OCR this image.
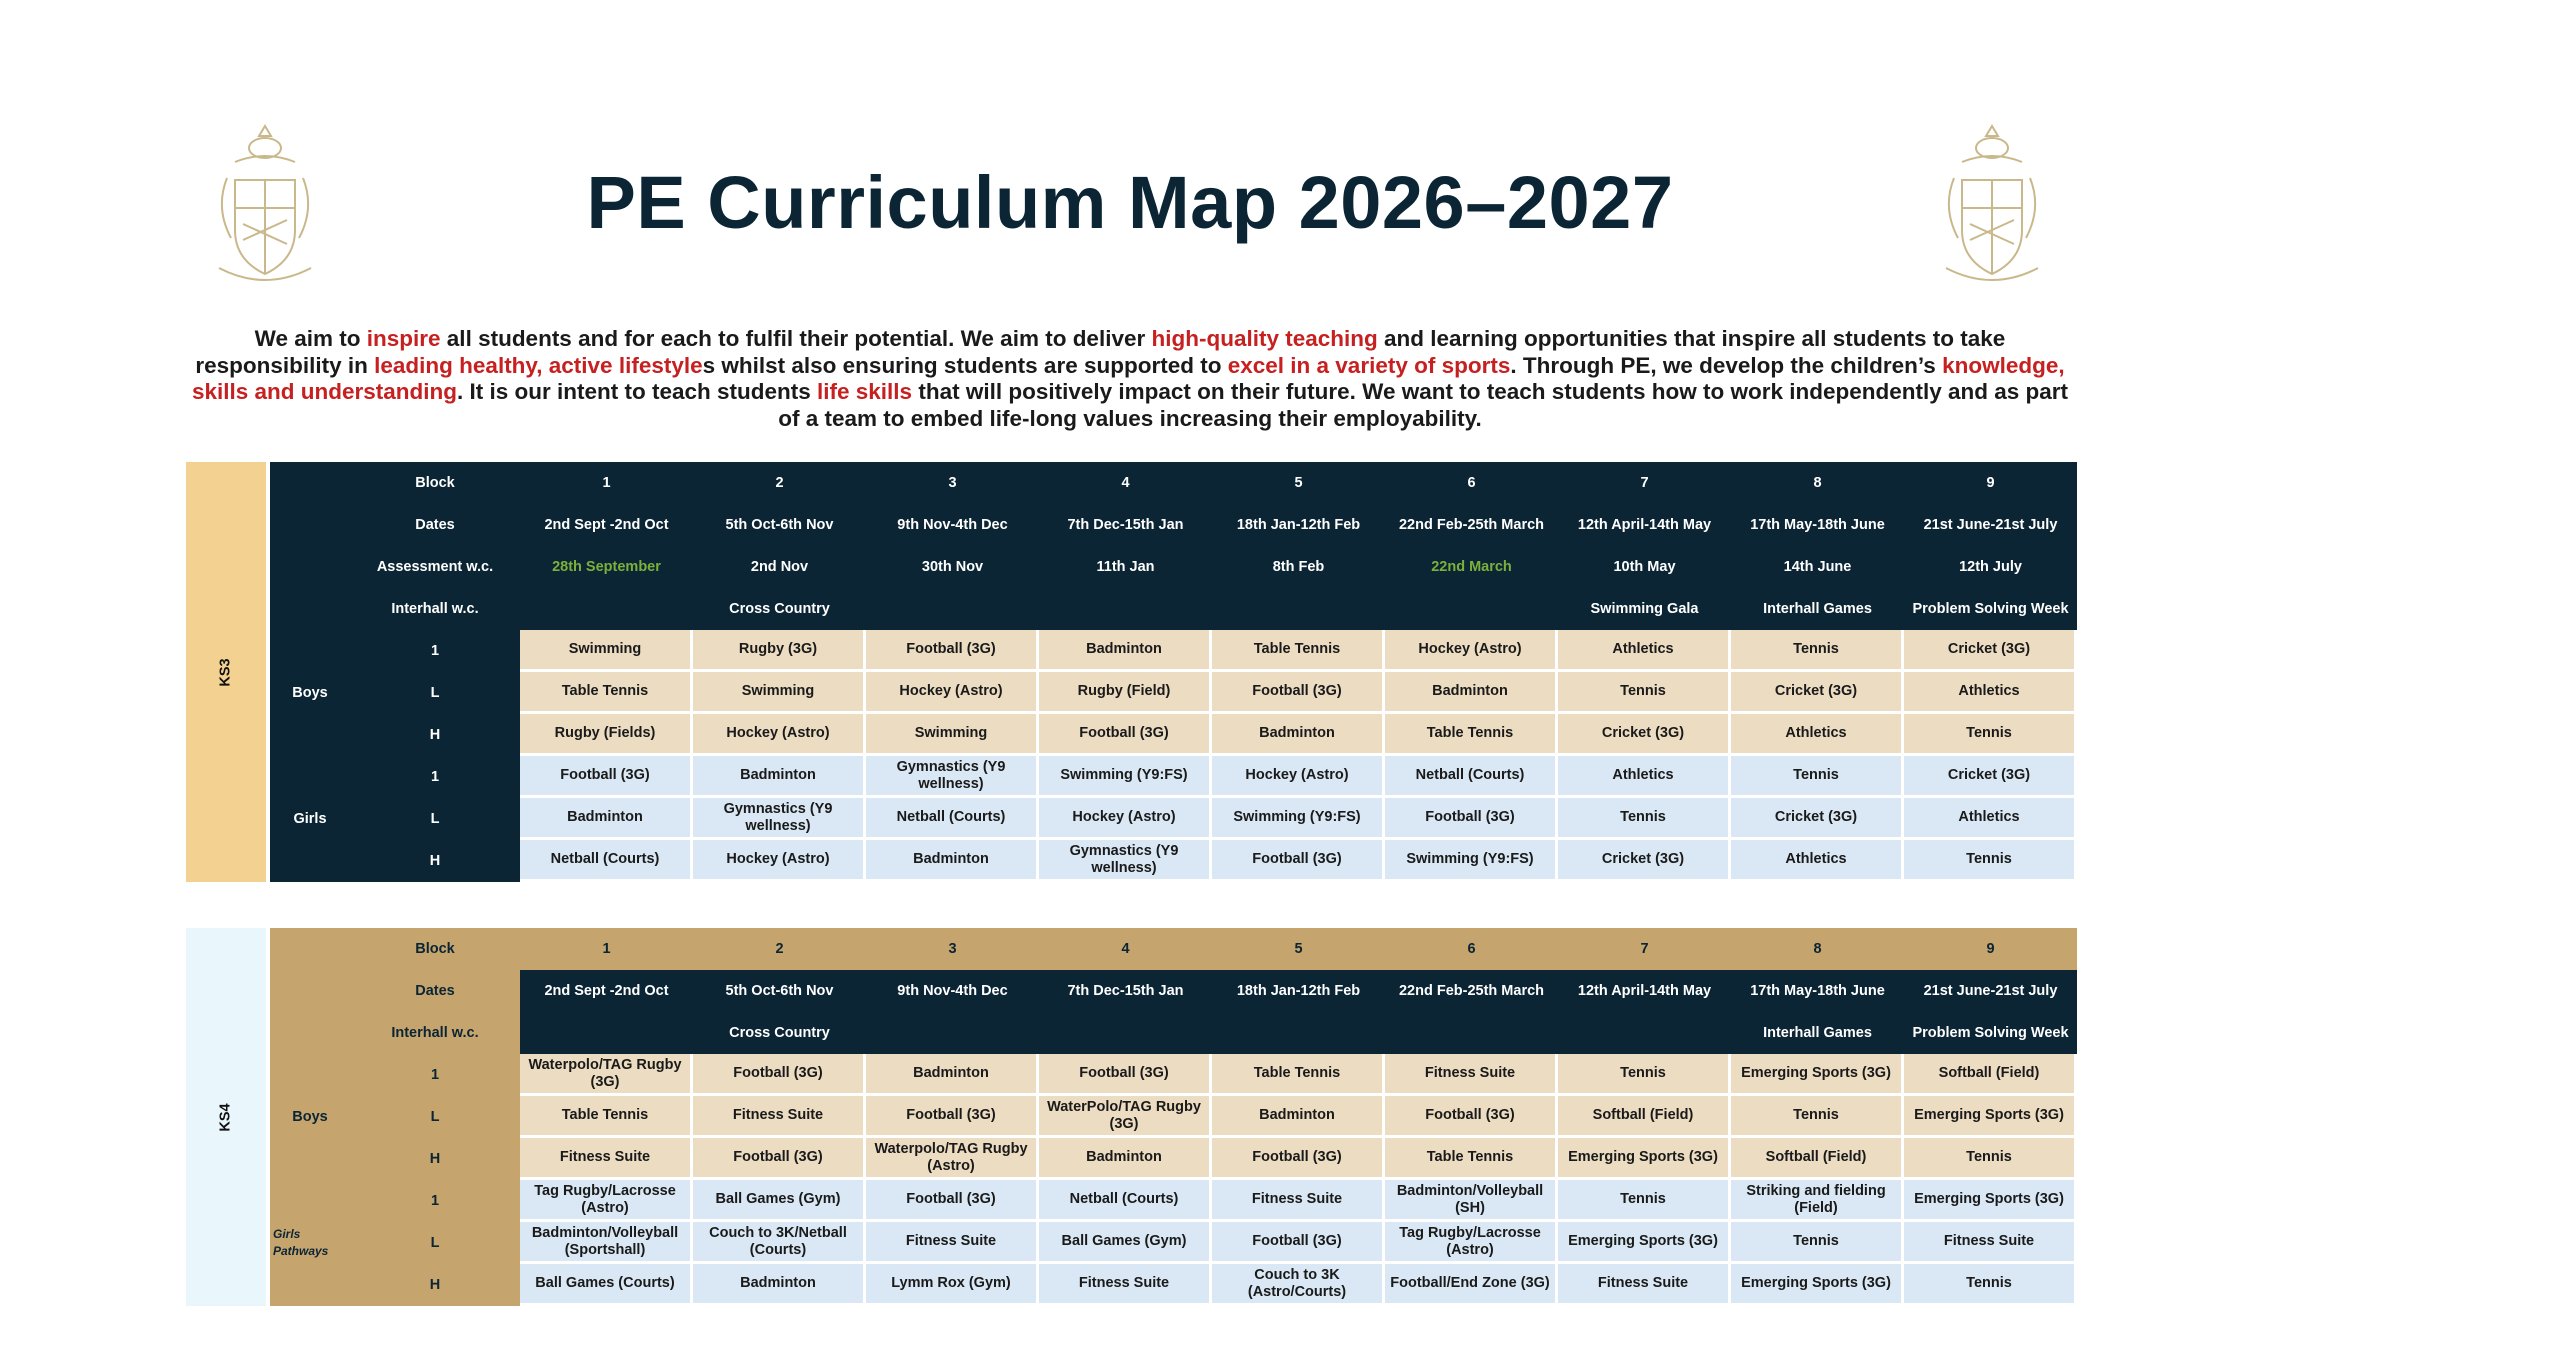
PE Curriculum Map 2026–2027
We aim to inspire all students and for each to fulfil their potential. We aim to deliver high-quality teaching and learning opportunities that inspire all students to take responsibility in leading healthy, active lifestyles whilst also ensuring students are supported to excel in a variety of sports. Through PE, we develop the children’s knowledge, skills and understanding. It is our intent to teach students life skills that will positively impact on their future. We want to teach students how to work independently and as part of a team to embed life-long values increasing their employability.
KS3			Block	1	2	3	4	5	6	7	8	9
			Dates	2nd Sept -2nd Oct	5th Oct-6th Nov	9th Nov-4th Dec	7th Dec-15th Jan	18th Jan-12th Feb	22nd Feb-25th March	12th April-14th May	17th May-18th June	21st June-21st July
			Assessment w.c.	28th September	2nd Nov	30th Nov	11th Jan	8th Feb	22nd March	10th May	14th June	12th July
			Interhall w.c.		Cross Country					Swimming Gala	Interhall Games	Problem Solving Week
		Boys	1	Swimming	Rugby (3G)	Football (3G)	Badminton	Table Tennis	Hockey (Astro)	Athletics	Tennis	Cricket (3G)
			L	Table Tennis	Swimming	Hockey (Astro)	Rugby (Field)	Football (3G)	Badminton	Tennis	Cricket (3G)	Athletics
			H	Rugby (Fields)	Hockey (Astro)	Swimming	Football (3G)	Badminton	Table Tennis	Cricket (3G)	Athletics	Tennis
		Girls	1	Football (3G)	Badminton	Gymnastics (Y9 wellness)	Swimming (Y9:FS)	Hockey (Astro)	Netball (Courts)	Athletics	Tennis	Cricket (3G)
			L	Badminton	Gymnastics (Y9 wellness)	Netball (Courts)	Hockey (Astro)	Swimming (Y9:FS)	Football (3G)	Tennis	Cricket (3G)	Athletics
			H	Netball (Courts)	Hockey (Astro)	Badminton	Gymnastics (Y9 wellness)	Football (3G)	Swimming (Y9:FS)	Cricket (3G)	Athletics	Tennis
KS4			Block	1	2	3	4	5	6	7	8	9
			Dates	2nd Sept -2nd Oct	5th Oct-6th Nov	9th Nov-4th Dec	7th Dec-15th Jan	18th Jan-12th Feb	22nd Feb-25th March	12th April-14th May	17th May-18th June	21st June-21st July
			Interhall w.c.		Cross Country						Interhall Games	Problem Solving Week
		Boys	1	Waterpolo/TAG Rugby (3G)	Football (3G)	Badminton	Football (3G)	Table Tennis	Fitness Suite	Tennis	Emerging Sports (3G)	Softball (Field)
			L	Table Tennis	Fitness Suite	Football (3G)	WaterPolo/TAG Rugby (3G)	Badminton	Football (3G)	Softball (Field)	Tennis	Emerging Sports (3G)
			H	Fitness Suite	Football (3G)	Waterpolo/TAG Rugby (Astro)	Badminton	Football (3G)	Table Tennis	Emerging Sports (3G)	Softball (Field)	Tennis
		Girls Pathways	1	Tag Rugby/Lacrosse (Astro)	Ball Games (Gym)	Football (3G)	Netball (Courts)	Fitness Suite	Badminton/Volleyball (SH)	Tennis	Striking and fielding (Field)	Emerging Sports (3G)
			L	Badminton/Volleyball (Sportshall)	Couch to 3K/Netball (Courts)	Fitness Suite	Ball Games (Gym)	Football (3G)	Tag Rugby/Lacrosse (Astro)	Emerging Sports (3G)	Tennis	Fitness Suite
			H	Ball Games (Courts)	Badminton	Lymm Rox (Gym)	Fitness Suite	Couch to 3K (Astro/Courts)	Football/End Zone (3G)	Fitness Suite	Emerging Sports (3G)	Tennis
